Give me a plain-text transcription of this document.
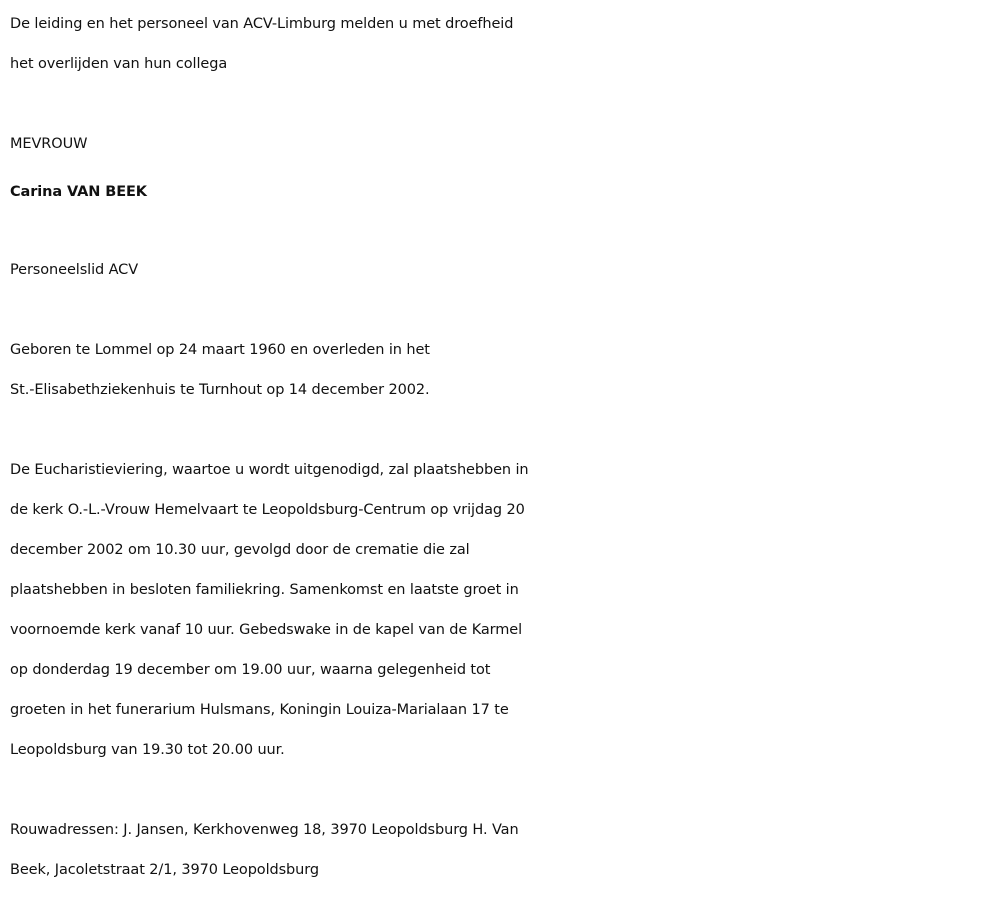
De leiding en het personeel van ACV-Limburg melden u met droefheid

het overlijden van hun collega

MEVROUW

Carina VAN BEEK

Personeelslid ACV

Geboren te Lommel op 24 maart 1960 en overleden in het

St.-Elisabethziekenhuis te Turnhout op 14 december 2002.

De Eucharistieviering, waartoe u wordt uitgenodigd, zal plaatshebben in

de kerk O.-L.-Vrouw Hemelvaart te Leopoldsburg-Centrum op vrijdag 20

december 2002 om 10.30 uur, gevolgd door de crematie die zal

plaatshebben in besloten familiekring. Samenkomst en laatste groet in

voornoemde kerk vanaf 10 uur. Gebedswake in de kapel van de Karmel

op donderdag 19 december om 19.00 uur, waarna gelegenheid tot

groeten in het funerarium Hulsmans, Koningin Louiza-Marialaan 17 te

Leopoldsburg van 19.30 tot 20.00 uur.

Rouwadressen: J. Jansen, Kerkhovenweg 18, 3970 Leopoldsburg H. Van

Beek, Jacoletstraat 2/1, 3970 Leopoldsburg
